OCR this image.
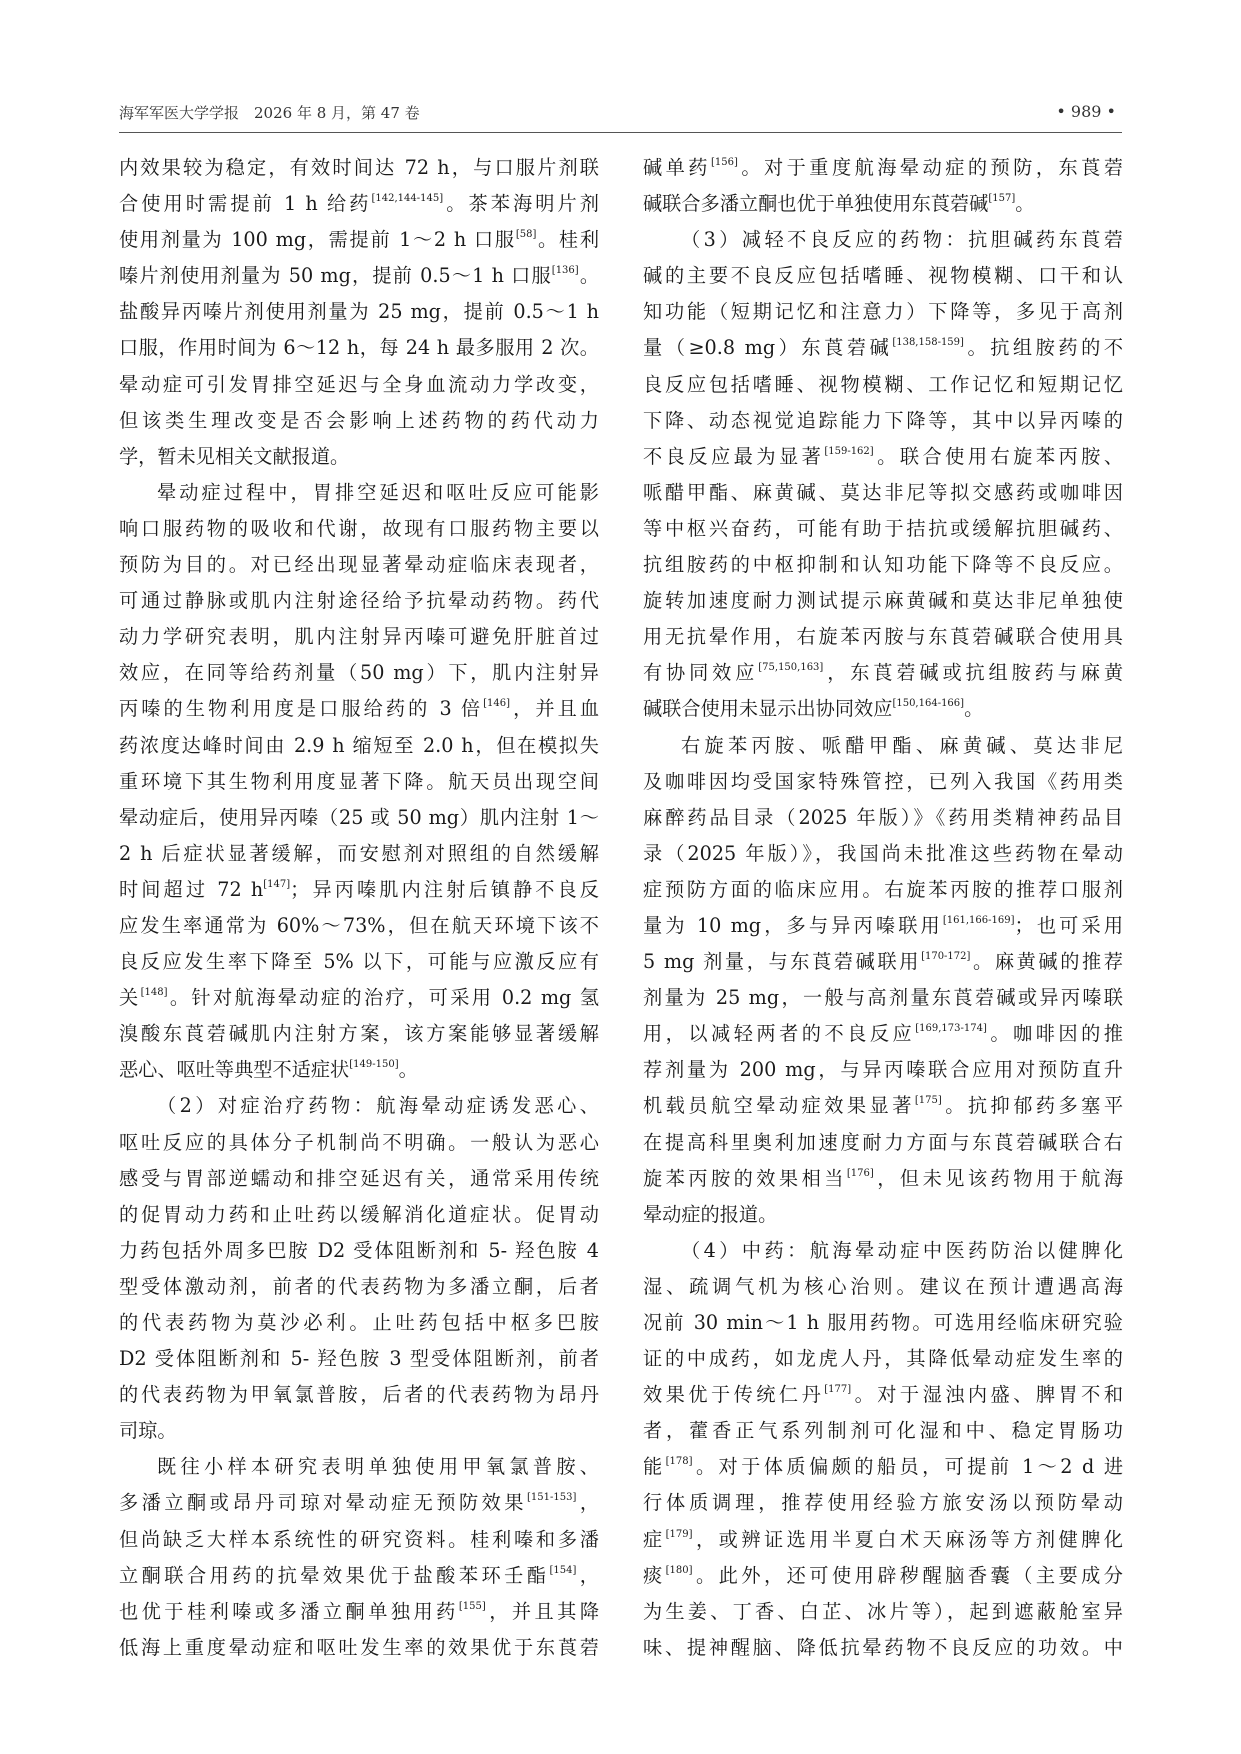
海军军医大学学报　2026 年 8 月，第 47 卷	• 989 •
内效果较为稳定，有效时间达 72 h，与口服片剂联
合使用时需提前 1 h 给药[142,144-145]。茶苯海明片剂
使用剂量为 100 mg，需提前 1～2 h 口服[58]。桂利
嗪片剂使用剂量为 50 mg，提前 0.5～1 h 口服[136]。
盐酸异丙嗪片剂使用剂量为 25 mg，提前 0.5～1 h
口服，作用时间为 6～12 h，每 24 h 最多服用 2 次。
晕动症可引发胃排空延迟与全身血流动力学改变，
但该类生理改变是否会影响上述药物的药代动力
学，暂未见相关文献报道。
晕动症过程中，胃排空延迟和呕吐反应可能影
响口服药物的吸收和代谢，故现有口服药物主要以
预防为目的。对已经出现显著晕动症临床表现者，
可通过静脉或肌内注射途径给予抗晕动药物。药代
动力学研究表明，肌内注射异丙嗪可避免肝脏首过
效应，在同等给药剂量（50 mg）下，肌内注射异
丙嗪的生物利用度是口服给药的 3 倍[146]，并且血
药浓度达峰时间由 2.9 h 缩短至 2.0 h，但在模拟失
重环境下其生物利用度显著下降。航天员出现空间
晕动症后，使用异丙嗪（25 或 50 mg）肌内注射 1～
2 h 后症状显著缓解，而安慰剂对照组的自然缓解
时间超过 72 h[147]；异丙嗪肌内注射后镇静不良反
应发生率通常为 60%～73%，但在航天环境下该不
良反应发生率下降至 5% 以下，可能与应激反应有
关[148]。针对航海晕动症的治疗，可采用 0.2 mg 氢
溴酸东莨菪碱肌内注射方案，该方案能够显著缓解
恶心、呕吐等典型不适症状[149-150]。
（2）对症治疗药物：航海晕动症诱发恶心、
呕吐反应的具体分子机制尚不明确。一般认为恶心
感受与胃部逆蠕动和排空延迟有关，通常采用传统
的促胃动力药和止吐药以缓解消化道症状。促胃动
力药包括外周多巴胺 D2 受体阻断剂和 5- 羟色胺 4
型受体激动剂，前者的代表药物为多潘立酮，后者
的代表药物为莫沙必利。止吐药包括中枢多巴胺
D2 受体阻断剂和 5- 羟色胺 3 型受体阻断剂，前者
的代表药物为甲氧氯普胺，后者的代表药物为昂丹
司琼。
既往小样本研究表明单独使用甲氧氯普胺、
多潘立酮或昂丹司琼对晕动症无预防效果[151-153]，
但尚缺乏大样本系统性的研究资料。桂利嗪和多潘
立酮联合用药的抗晕效果优于盐酸苯环壬酯[154]，
也优于桂利嗪或多潘立酮单独用药[155]，并且其降
低海上重度晕动症和呕吐发生率的效果优于东莨菪
碱单药[156]。对于重度航海晕动症的预防，东莨菪
碱联合多潘立酮也优于单独使用东莨菪碱[157]。
（3）减轻不良反应的药物：抗胆碱药东莨菪
碱的主要不良反应包括嗜睡、视物模糊、口干和认
知功能（短期记忆和注意力）下降等，多见于高剂
量（≥0.8 mg）东莨菪碱[138,158-159]。抗组胺药的不
良反应包括嗜睡、视物模糊、工作记忆和短期记忆
下降、动态视觉追踪能力下降等，其中以异丙嗪的
不良反应最为显著[159-162]。联合使用右旋苯丙胺、
哌醋甲酯、麻黄碱、莫达非尼等拟交感药或咖啡因
等中枢兴奋药，可能有助于拮抗或缓解抗胆碱药、
抗组胺药的中枢抑制和认知功能下降等不良反应。
旋转加速度耐力测试提示麻黄碱和莫达非尼单独使
用无抗晕作用，右旋苯丙胺与东莨菪碱联合使用具
有协同效应[75,150,163]，东莨菪碱或抗组胺药与麻黄
碱联合使用未显示出协同效应[150,164-166]。
右旋苯丙胺、哌醋甲酯、麻黄碱、莫达非尼
及咖啡因均受国家特殊管控，已列入我国《药用类
麻醉药品目录（2025 年版）》《药用类精神药品目
录（2025 年版）》，我国尚未批准这些药物在晕动
症预防方面的临床应用。右旋苯丙胺的推荐口服剂
量为 10 mg，多与异丙嗪联用[161,166-169]；也可采用
5 mg 剂量，与东莨菪碱联用[170-172]。麻黄碱的推荐
剂量为 25 mg，一般与高剂量东莨菪碱或异丙嗪联
用，以减轻两者的不良反应[169,173-174]。咖啡因的推
荐剂量为 200 mg，与异丙嗪联合应用对预防直升
机载员航空晕动症效果显著[175]。抗抑郁药多塞平
在提高科里奥利加速度耐力方面与东莨菪碱联合右
旋苯丙胺的效果相当[176]，但未见该药物用于航海
晕动症的报道。
（4）中药：航海晕动症中医药防治以健脾化
湿、疏调气机为核心治则。建议在预计遭遇高海
况前 30 min～1 h 服用药物。可选用经临床研究验
证的中成药，如龙虎人丹，其降低晕动症发生率的
效果优于传统仁丹[177]。对于湿浊内盛、脾胃不和
者，藿香正气系列制剂可化湿和中、稳定胃肠功
能[178]。对于体质偏颇的船员，可提前 1～2 d 进
行体质调理，推荐使用经验方旅安汤以预防晕动
症[179]，或辨证选用半夏白术天麻汤等方剂健脾化
痰[180]。此外，还可使用辟秽醒脑香囊（主要成分
为生姜、丁香、白芷、冰片等），起到遮蔽舱室异
味、提神醒脑、降低抗晕药物不良反应的功效。中
